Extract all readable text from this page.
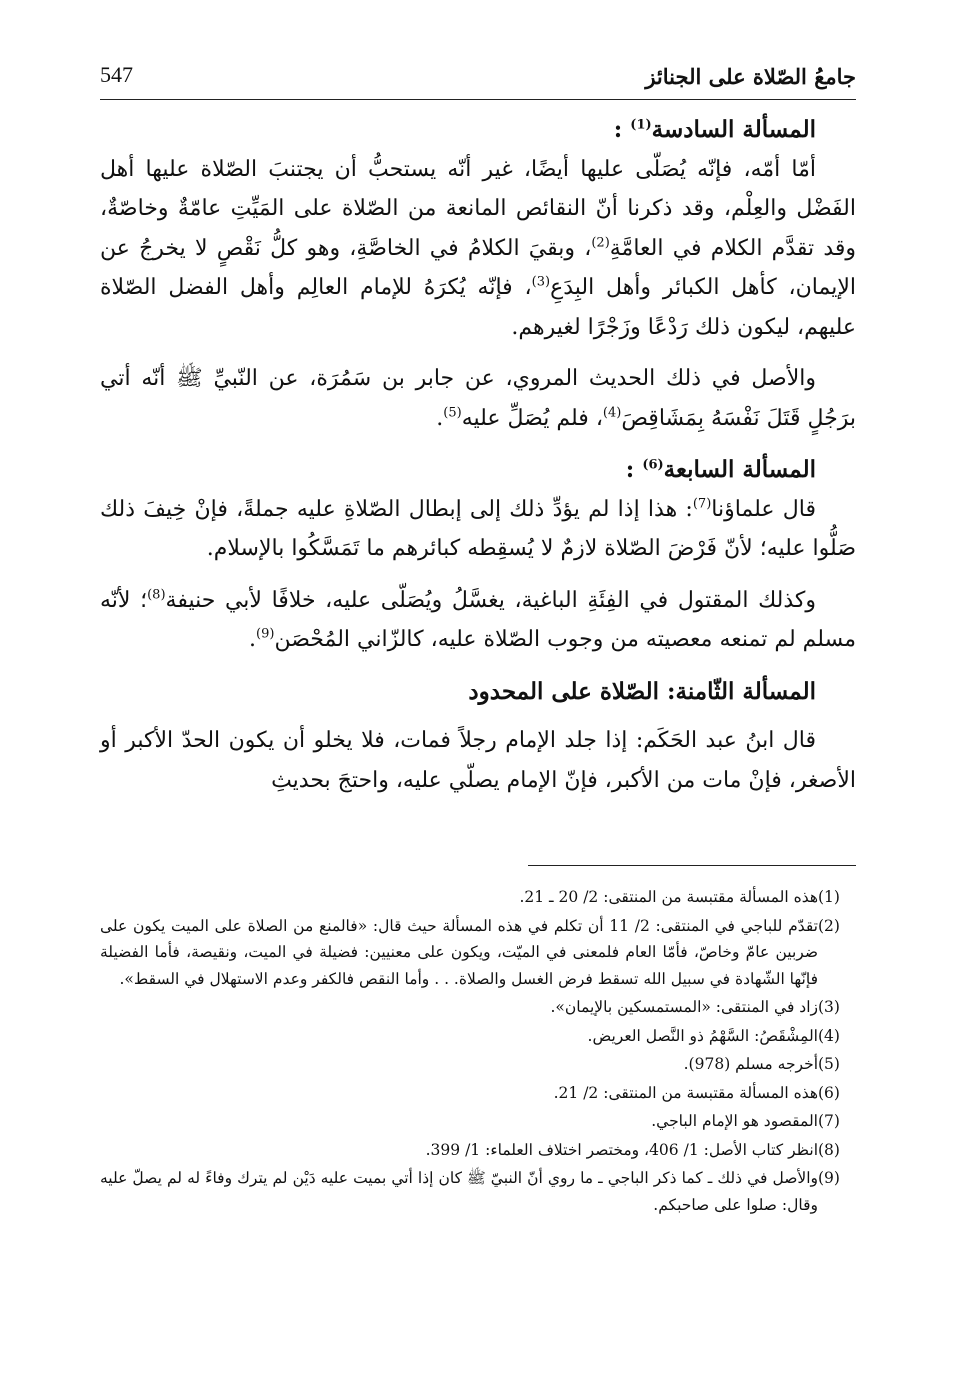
جامعُ الصّلاة على الجنائز
547

المسألة السادسة$^{(1)}$ :

أمّا أمّه، فإنّه يُصَلّى عليها أيضًا، غير أنّه يستحبُّ أن يجتنبَ الصّلاة عليها أهل الفَضْل والعِلْم، وقد ذكرنا أنّ النقائص المانعة من الصّلاة على المَيِّتِ عامّةٌ وخاصّةٌ، وقد تقدَّم الكلام في العامَّةِ$^{(2)}$، وبقيَ الكلامُ في الخاصَّةِ، وهو كلُّ نَقْصٍ لا يخرجُ عن الإيمان، كأهل الكبائر وأهل البِدَعِ$^{(3)}$، فإنّه يُكرَهُ للإمام العالِم وأهل الفضل الصّلاة عليهم، ليكون ذلك رَدْعًا وزَجْرًا لغيرهم.

والأصل في ذلك الحديث المروي، عن جابر بن سَمُرَة، عن النّبيِّ ﷺ أنّه أتي برَجُلٍ قَتَلَ نَفْسَهُ بِمَشَاقِصَ$^{(4)}$، فلم يُصَلِّ عليه$^{(5)}$.

المسألة السابعة$^{(6)}$ :

قال علماؤنا$^{(7)}$: هذا إذا لم يؤدِّ ذلك إلى إبطال الصّلاةِ عليه جملةً، فإنْ خِيفَ ذلك صَلُّوا عليه؛ لأنّ فَرْضَ الصّلاة لازمٌ لا يُسقِطه كبائرهم ما تَمَسَّكُوا بالإسلام.

وكذلك المقتول في الفِئَةِ الباغية، يغسَّلُ ويُصَلّى عليه، خلافًا لأبي حنيفة$^{(8)}$؛ لأنّه مسلم لم تمنعه معصيته من وجوب الصّلاة عليه، كالزّاني المُحْصَن$^{(9)}$.

المسألة الثّامنة: الصّلاة على المحدود

قال ابنُ عبد الحَكَم: إذا جلد الإمام رجلاً فمات، فلا يخلو أن يكون الحدّ الأكبر أو الأصغر، فإنْ مات من الأكبر، فإنّ الإمام يصلّي عليه، واحتجَ بحديثِ

(1)
هذه المسألة مقتبسة من المنتقى: 2/ 20 ـ 21.
(2)
تقدّم للباجي في المنتقى: 2/ 11 أن تكلم في هذه المسألة حيث قال: «فالمنع من الصلاة على الميت يكون على ضربين عامّ وخاصّ، فأمّا العام فلمعنى في الميّت، ويكون على معنيين: فضيلة في الميت، ونقيصة، فأما الفضيلة فإنّها الشّهادة في سبيل الله تسقط فرض الغسل والصلاة. . . وأما النقص فالكفر وعدم الاستهلال في السقط».
(3)
زاد في المنتقى: «المستمسكين بالإيمان».
(4)
المِشْقَصُ: السَّهْمُ ذو النَّصل العريض.
(5)
أخرجه مسلم (978).
(6)
هذه المسألة مقتبسة من المنتقى: 2/ 21.
(7)
المقصود هو الإمام الباجي.
(8)
انظر كتاب الأصل: 1/ 406، ومختصر اختلاف العلماء: 1/ 399.
(9)
والأصل في ذلك ـ كما ذكر الباجي ـ ما روي أنّ النبيّ ﷺ كان إذا أتي بميت عليه دَيْن لم يترك وفاءً له لم يصلّ عليه وقال: صلوا على صاحبكم.
